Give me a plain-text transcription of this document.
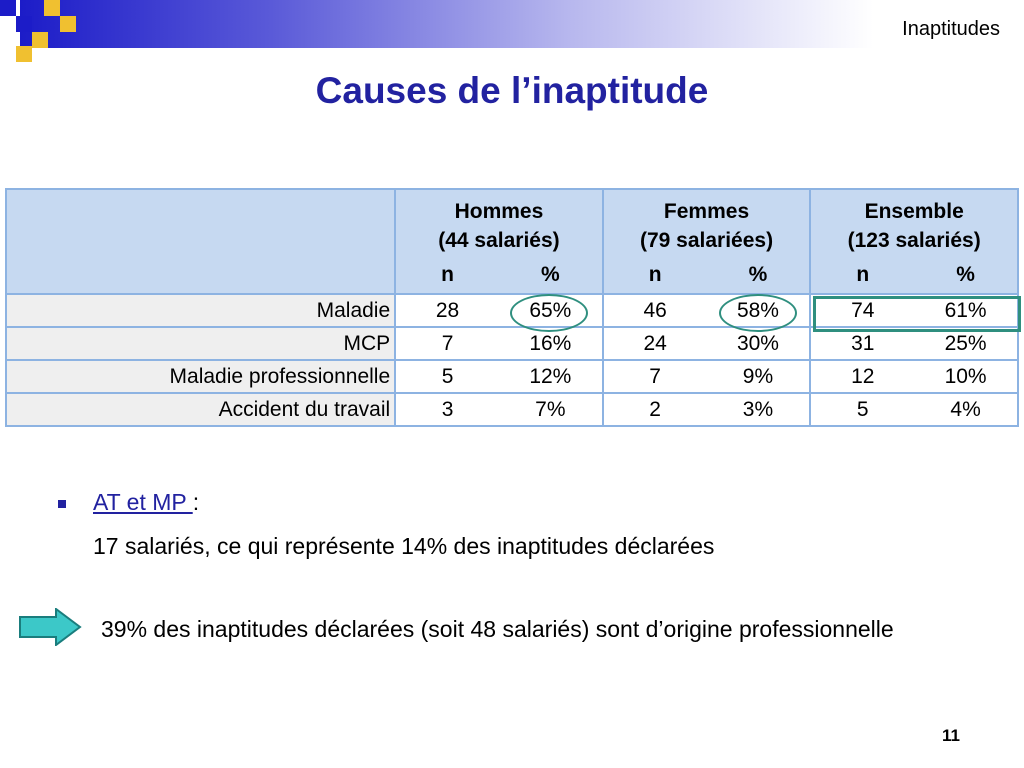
Inaptitudes
Causes de l’inaptitude
	Hommes	Femmes	Ensemble
	(44 salariés)	(79 salariées)	(123 salariés)

	n %	n %	n %

Maladie	28 65%	46 58%	74 61%

MCP	7 16%	24 30%	31 25%

Maladie professionnelle	5 12%	7 9%	12 10%

Accident du travail	3 7%	2 3%	5 4%
AT et MP :
17 salariés, ce qui représente 14% des inaptitudes déclarées
39% des inaptitudes déclarées (soit 48 salariés) sont d’origine professionnelle
11
